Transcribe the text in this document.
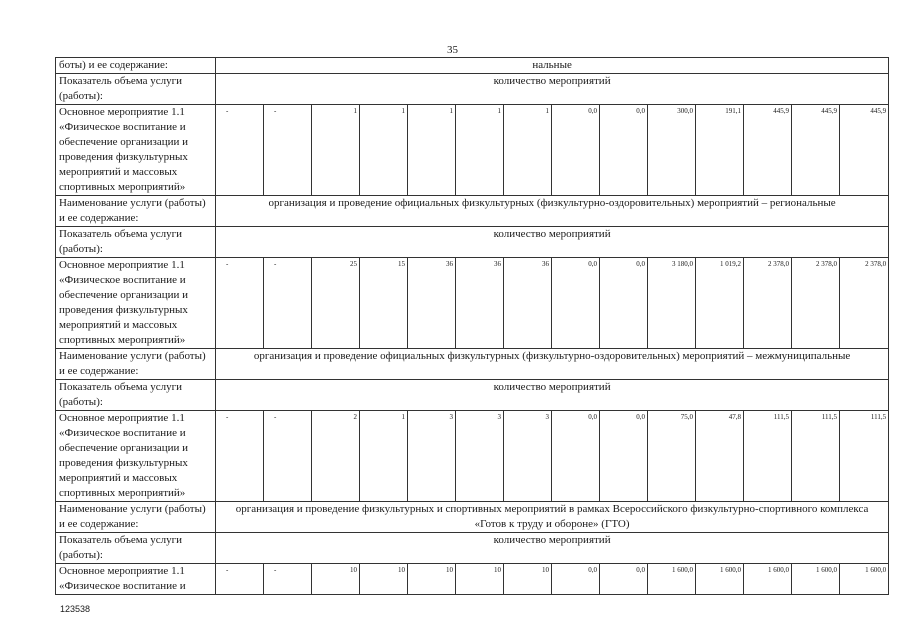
35
боты) и ее содержание:	нальные													
Показатель объема услуги (работы):	количество мероприятий													
Основное мероприятие 1.1 «Физическое воспитание и обеспечение организации и проведения физкультурных мероприятий и массовых спортивных мероприятий»	-	-	1	1	1	1	1	0,0	0,0	300,0	191,1	445,9	445,9	445,9
Наименование услуги (работы) и ее содержание:	организация и проведение официальных физкультурных (физкультурно-оздоровительных) мероприятий – региональные													
Показатель объема услуги (работы):	количество мероприятий													
Основное мероприятие 1.1 «Физическое воспитание и обеспечение организации и проведения физкультурных мероприятий и массовых спортивных мероприятий»	-	-	25	15	36	36	36	0,0	0,0	3 180,0	1 019,2	2 378,0	2 378,0	2 378,0
Наименование услуги (работы) и ее содержание:	организация и проведение официальных физкультурных (физкультурно-оздоровительных) мероприятий – межмуниципальные													
Показатель объема услуги (работы):	количество мероприятий													
Основное мероприятие 1.1 «Физическое воспитание и обеспечение организации и проведения физкультурных мероприятий и массовых спортивных мероприятий»	-	-	2	1	3	3	3	0,0	0,0	75,0	47,8	111,5	111,5	111,5
Наименование услуги (работы) и ее содержание:	организация и проведение физкультурных и спортивных мероприятий в рамках Всероссийского физкультурно-спортивного комплекса «Готов к труду и обороне» (ГТО)													
Показатель объема услуги (работы):	количество мероприятий													
Основное мероприятие 1.1 «Физическое воспитание и	-	-	10	10	10	10	10	0,0	0,0	1 600,0	1 600,0	1 600,0	1 600,0	1 600,0
123538
